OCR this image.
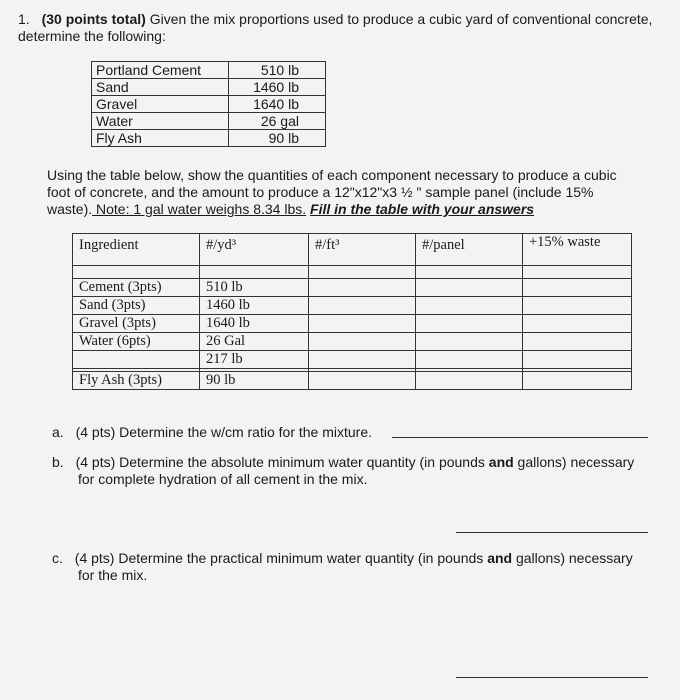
1. (30 points total) Given the mix proportions used to produce a cubic yard of conventional concrete, determine the following:
Portland Cement	510 lb
Sand	1460 lb
Gravel	1640 lb
Water	26 gal
Fly Ash	90 lb
Using the table below, show the quantities of each component necessary to produce a cubic
foot of concrete, and the amount to produce a 12"x12"x3 ½ " sample panel (include 15%
waste). Note: 1 gal water weighs 8.34 lbs. Fill in the table with your answers
Ingredient	#/yd³	#/ft³	#/panel	+15% waste

Cement (3pts)	510 lb			
Sand (3pts)	1460 lb			
Gravel (3pts)	1640 lb			
Water (6pts)	26 Gal			
	217 lb			

Fly Ash (3pts)	90 lb			
a. (4 pts) Determine the w/cm ratio for the mixture.
b. (4 pts) Determine the absolute minimum water quantity (in pounds and gallons) necessary
for complete hydration of all cement in the mix.
c. (4 pts) Determine the practical minimum water quantity (in pounds and gallons) necessary
for the mix.
